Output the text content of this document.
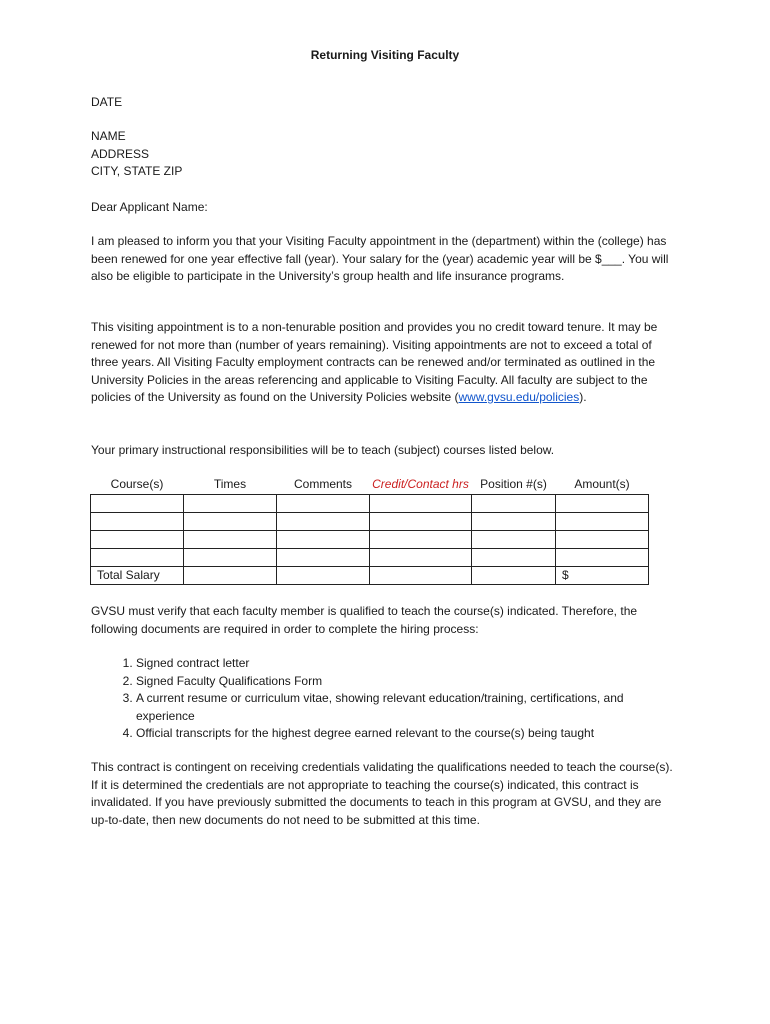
Returning Visiting Faculty
DATE
NAME
ADDRESS
CITY, STATE ZIP
Dear Applicant Name:

I am pleased to inform you that your Visiting Faculty appointment in the (department) within the (college) has been renewed for one year effective fall (year). Your salary for the (year) academic year will be $___. You will also be eligible to participate in the University’s group health and life insurance programs.

This visiting appointment is to a non-tenurable position and provides you no credit toward tenure. It may be renewed for not more than (number of years remaining). Visiting appointments are not to exceed a total of three years. All Visiting Faculty employment contracts can be renewed and/or terminated as outlined in the University Policies in the areas referencing and applicable to Visiting Faculty. All faculty are subject to the policies of the University as found on the University Policies website (www.gvsu.edu/policies).

Your primary instructional responsibilities will be to teach (subject) courses listed below.

Course(s)	Times	Comments	Credit/Contact hrs	Position #(s)	Amount(s)

Total Salary					$

GVSU must verify that each faculty member is qualified to teach the course(s) indicated. Therefore, the following documents are required in order to complete the hiring process:

1. Signed contract letter
2. Signed Faculty Qualifications Form
3. A current resume or curriculum vitae, showing relevant education/training, certifications, and experience
4. Official transcripts for the highest degree earned relevant to the course(s) being taught

This contract is contingent on receiving credentials validating the qualifications needed to teach the course(s). If it is determined the credentials are not appropriate to teaching the course(s) indicated, this contract is invalidated. If you have previously submitted the documents to teach in this program at GVSU, and they are up-to-date, then new documents do not need to be submitted at this time.
